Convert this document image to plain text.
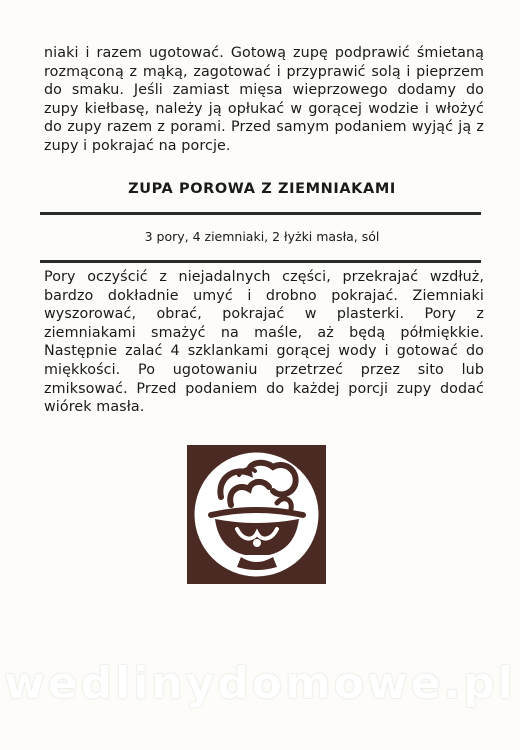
niaki i razem ugotować. Gotową zupę podprawić śmietaną rozmąconą z mąką, zagotować i przyprawić solą i pieprzem do smaku. Jeśli zamiast mięsa wieprzowego dodamy do zupy kiełbasę, należy ją opłukać w gorącej wodzie i włożyć do zupy razem z porami. Przed samym podaniem wyjąć ją z zupy i pokrajać na porcje.

ZUPA POROWA Z ZIEMNIAKAMI

3 pory, 4 ziemniaki, 2 łyżki masła, sól

Pory oczyścić z niejadalnych części, przekrajać wzdłuż, bardzo dokładnie umyć i drobno pokrajać. Ziemniaki wyszorować, obrać, pokrajać w plasterki. Pory z ziemniakami smażyć na maśle, aż będą półmiękkie. Następnie zalać 4 szklankami gorącej wody i gotować do miękkości. Po ugotowaniu przetrzeć przez sito lub zmiksować. Przed podaniem do każdej porcji zupy dodać wiórek masła.

wedlinydomowe.pl
